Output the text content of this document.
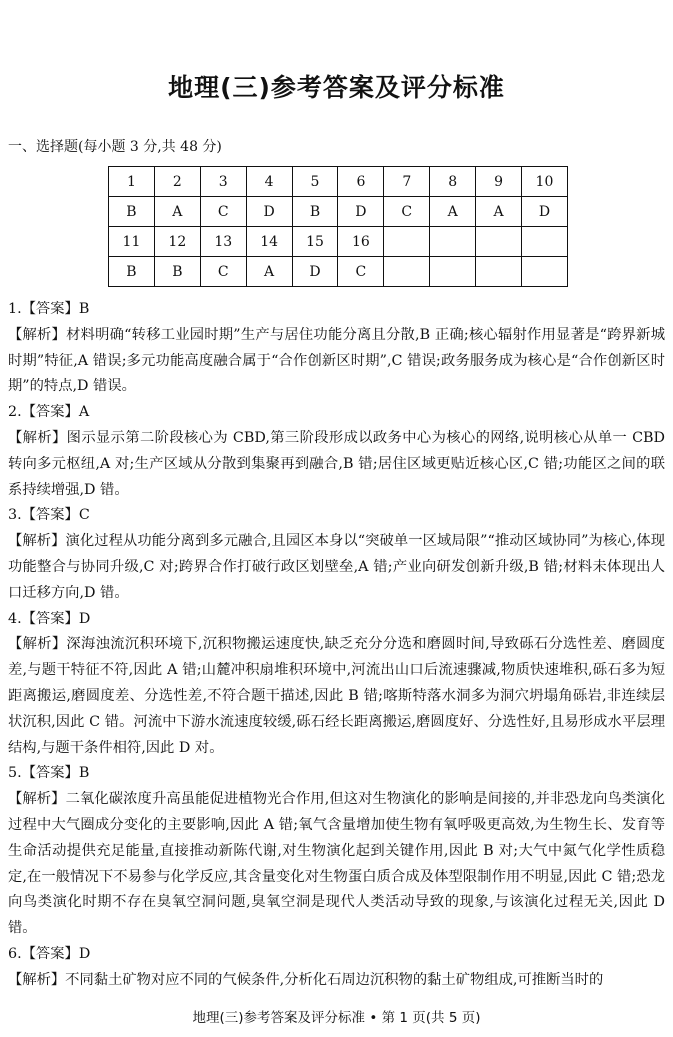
地理(三)参考答案及评分标准
一、选择题(每小题 3 分,共 48 分)
1	2	3	4	5	6	7	8	9	10
B	A	C	D	B	D	C	A	A	D
11	12	13	14	15	16				
B	B	C	A	D	C				
1.【答案】B
【解析】材料明确“转移工业园时期”生产与居住功能分离且分散,B 正确;核心辐射作用显著是“跨界新城时期”特征,A 错误;多元功能高度融合属于“合作创新区时期”,C 错误;政务服务成为核心是“合作创新区时期”的特点,D 错误。
2.【答案】A
【解析】图示显示第二阶段核心为 CBD,第三阶段形成以政务中心为核心的网络,说明核心从单一 CBD 转向多元枢纽,A 对;生产区域从分散到集聚再到融合,B 错;居住区域更贴近核心区,C 错;功能区之间的联系持续增强,D 错。
3.【答案】C
【解析】演化过程从功能分离到多元融合,且园区本身以“突破单一区域局限”“推动区域协同”为核心,体现功能整合与协同升级,C 对;跨界合作打破行政区划壁垒,A 错;产业向研发创新升级,B 错;材料未体现出人口迁移方向,D 错。
4.【答案】D
【解析】深海浊流沉积环境下,沉积物搬运速度快,缺乏充分分选和磨圆时间,导致砾石分选性差、磨圆度差,与题干特征不符,因此 A 错;山麓冲积扇堆积环境中,河流出山口后流速骤减,物质快速堆积,砾石多为短距离搬运,磨圆度差、分选性差,不符合题干描述,因此 B 错;喀斯特落水洞多为洞穴坍塌角砾岩,非连续层状沉积,因此 C 错。河流中下游水流速度较缓,砾石经长距离搬运,磨圆度好、分选性好,且易形成水平层理结构,与题干条件相符,因此 D 对。
5.【答案】B
【解析】二氧化碳浓度升高虽能促进植物光合作用,但这对生物演化的影响是间接的,并非恐龙向鸟类演化过程中大气圈成分变化的主要影响,因此 A 错;氧气含量增加使生物有氧呼吸更高效,为生物生长、发育等生命活动提供充足能量,直接推动新陈代谢,对生物演化起到关键作用,因此 B 对;大气中氮气化学性质稳定,在一般情况下不易参与化学反应,其含量变化对生物蛋白质合成及体型限制作用不明显,因此 C 错;恐龙向鸟类演化时期不存在臭氧空洞问题,臭氧空洞是现代人类活动导致的现象,与该演化过程无关,因此 D 错。
6.【答案】D
【解析】不同黏土矿物对应不同的气候条件,分析化石周边沉积物的黏土矿物组成,可推断当时的
地理(三)参考答案及评分标准 • 第 1 页(共 5 页)
